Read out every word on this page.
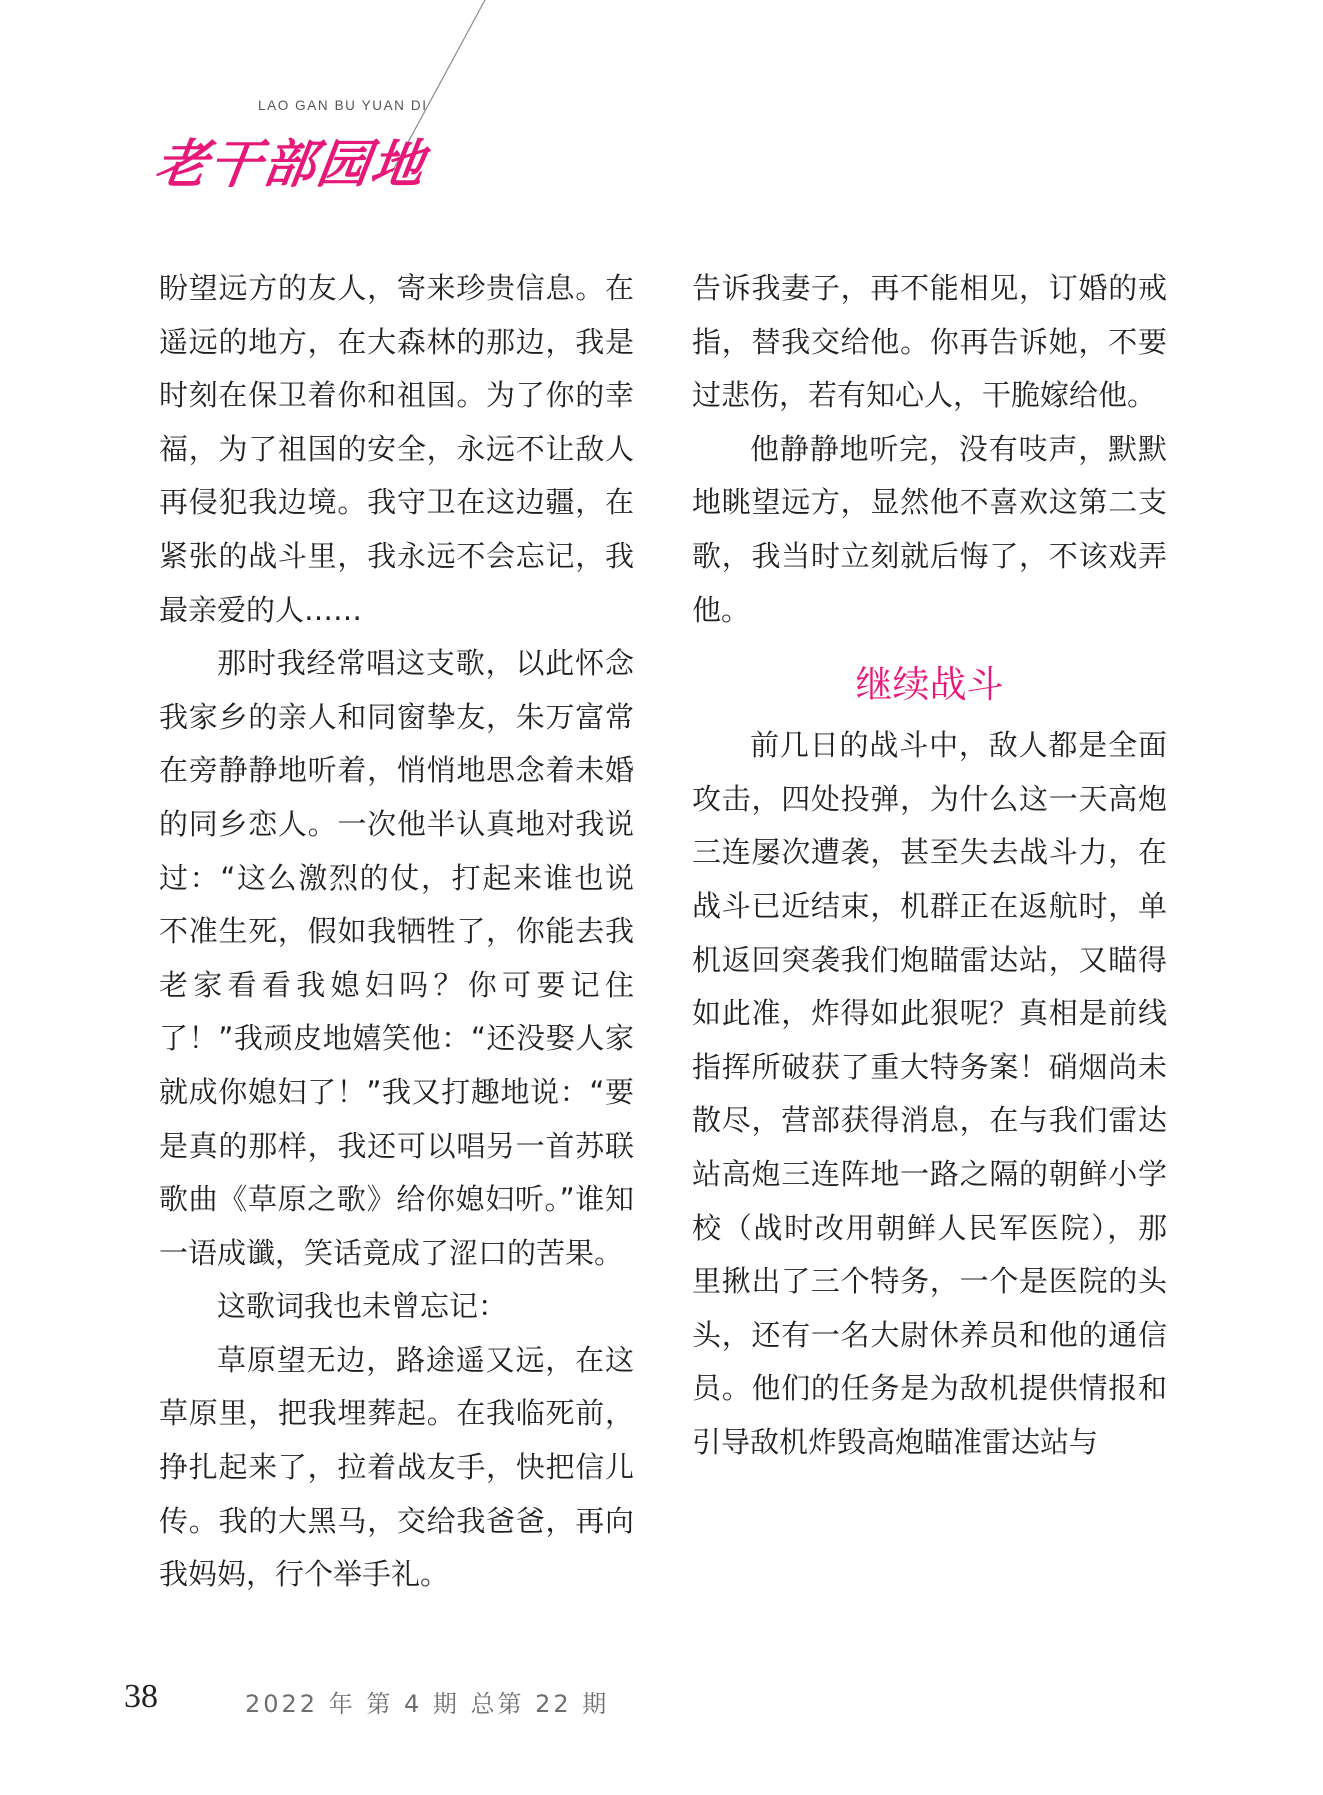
LAO GAN BU YUAN DI
老干部园地

盼望远方的友人，寄来珍贵信息。在遥远的地方，在大森林的那边，我是时刻在保卫着你和祖国。为了你的幸福，为了祖国的安全，永远不让敌人再侵犯我边境。我守卫在这边疆，在紧张的战斗里，我永远不会忘记，我最亲爱的人……

那时我经常唱这支歌，以此怀念我家乡的亲人和同窗挚友，朱万富常在旁静静地听着，悄悄地思念着未婚的同乡恋人。一次他半认真地对我说过：“这么激烈的仗，打起来谁也说不准生死，假如我牺牲了，你能去我老家看看我媳妇吗？你可要记住了！”我顽皮地嬉笑他：“还没娶人家就成你媳妇了！”我又打趣地说：“要是真的那样，我还可以唱另一首苏联歌曲《草原之歌》给你媳妇听。”谁知一语成谶，笑话竟成了涩口的苦果。

这歌词我也未曾忘记：

草原望无边，路途遥又远，在这草原里，把我埋葬起。在我临死前，挣扎起来了，拉着战友手，快把信儿传。我的大黑马，交给我爸爸，再向我妈妈，行个举手礼。

告诉我妻子，再不能相见，订婚的戒指，替我交给他。你再告诉她，不要过悲伤，若有知心人，干脆嫁给他。

他静静地听完，没有吱声，默默地眺望远方，显然他不喜欢这第二支歌，我当时立刻就后悔了，不该戏弄他。

继续战斗

前几日的战斗中，敌人都是全面攻击，四处投弹，为什么这一天高炮三连屡次遭袭，甚至失去战斗力，在战斗已近结束，机群正在返航时，单机返回突袭我们炮瞄雷达站，又瞄得如此准，炸得如此狠呢？真相是前线指挥所破获了重大特务案！硝烟尚未散尽，营部获得消息，在与我们雷达站高炮三连阵地一路之隔的朝鲜小学校（战时改用朝鲜人民军医院），那里揪出了三个特务，一个是医院的头头，还有一名大尉休养员和他的通信员。他们的任务是为敌机提供情报和引导敌机炸毁高炮瞄准雷达站与

38	2022 年 第 4 期 总第 22 期
